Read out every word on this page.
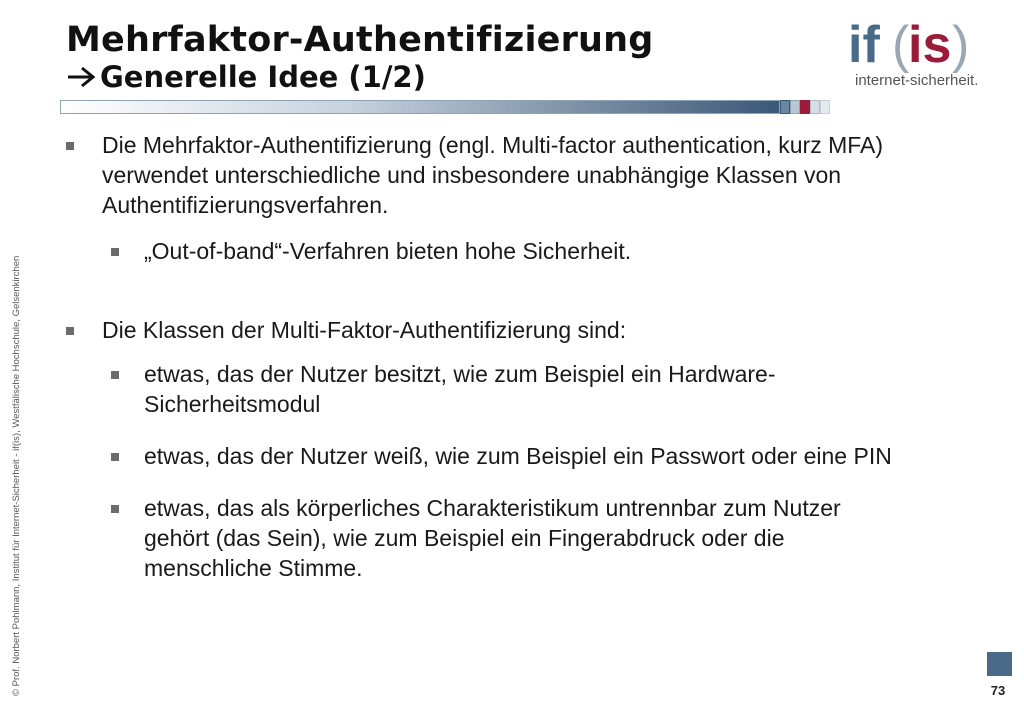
Mehrfaktor-Authentifizierung
Generelle Idee (1/2)
if (
is )
internet-sicherheit.
© Prof. Norbert Pohlmann, Institut für Internet-Sicherheit - if(is), Westfälische Hochschule, Gelsenkirchen
Die Mehrfaktor-Authentifizierung (engl. Multi-factor authentication, kurz MFA) verwendet unterschiedliche und insbesondere unabhängige Klassen von Authentifizierungsverfahren.
„Out-of-band“-Verfahren bieten hohe Sicherheit.
Die Klassen der Multi-Faktor-Authentifizierung sind:
etwas, das der Nutzer besitzt, wie zum Beispiel ein Hardware-Sicherheitsmodul
etwas, das der Nutzer weiß, wie zum Beispiel ein Passwort oder eine PIN
etwas, das als körperliches Charakteristikum untrennbar zum Nutzer gehört (das Sein), wie zum Beispiel ein Fingerabdruck oder die menschliche Stimme.
73
